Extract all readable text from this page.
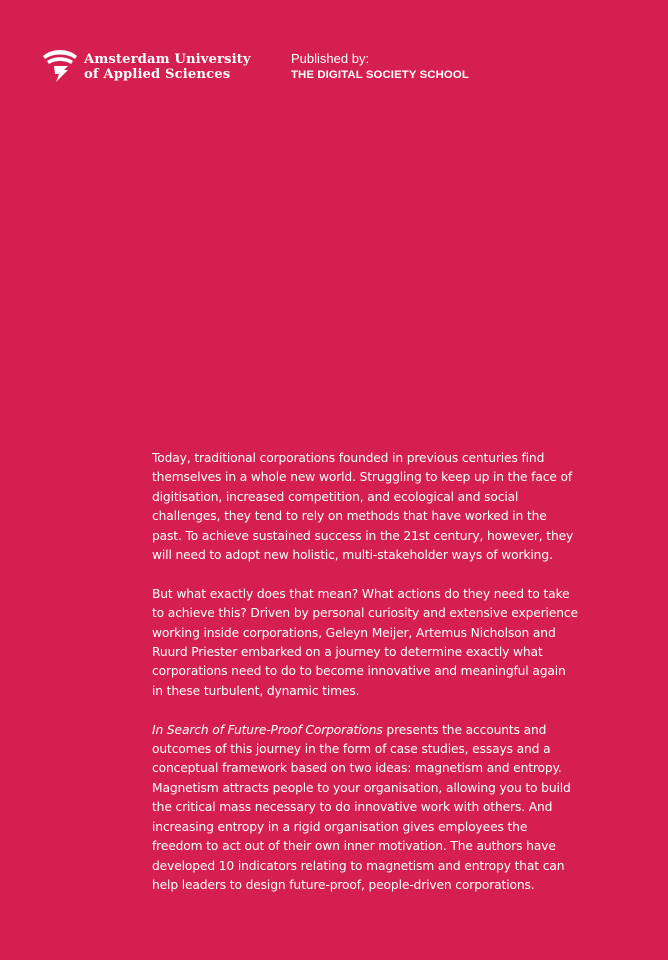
Amsterdam University
of Applied Sciences
Published by:
THE DIGITAL SOCIETY SCHOOL

Today, traditional corporations founded in previous centuries find themselves in a whole new world. Struggling to keep up in the face of digitisation, increased competition, and ecological and social challenges, they tend to rely on methods that have worked in the past. To achieve sustained success in the 21st century, however, they will need to adopt new holistic, multi-stakeholder ways of working.

But what exactly does that mean? What actions do they need to take to achieve this? Driven by personal curiosity and extensive experience working inside corporations, Geleyn Meijer, Artemus Nicholson and Ruurd Priester embarked on a journey to determine exactly what corporations need to do to become innovative and meaningful again in these turbulent, dynamic times.

In Search of Future-Proof Corporations presents the accounts and outcomes of this journey in the form of case studies, essays and a conceptual framework based on two ideas: magnetism and entropy. Magnetism attracts people to your organisation, allowing you to build the critical mass necessary to do innovative work with others. And increasing entropy in a rigid organisation gives employees the freedom to act out of their own inner motivation. The authors have developed 10 indicators relating to magnetism and entropy that can help leaders to design future-proof, people-driven corporations.
